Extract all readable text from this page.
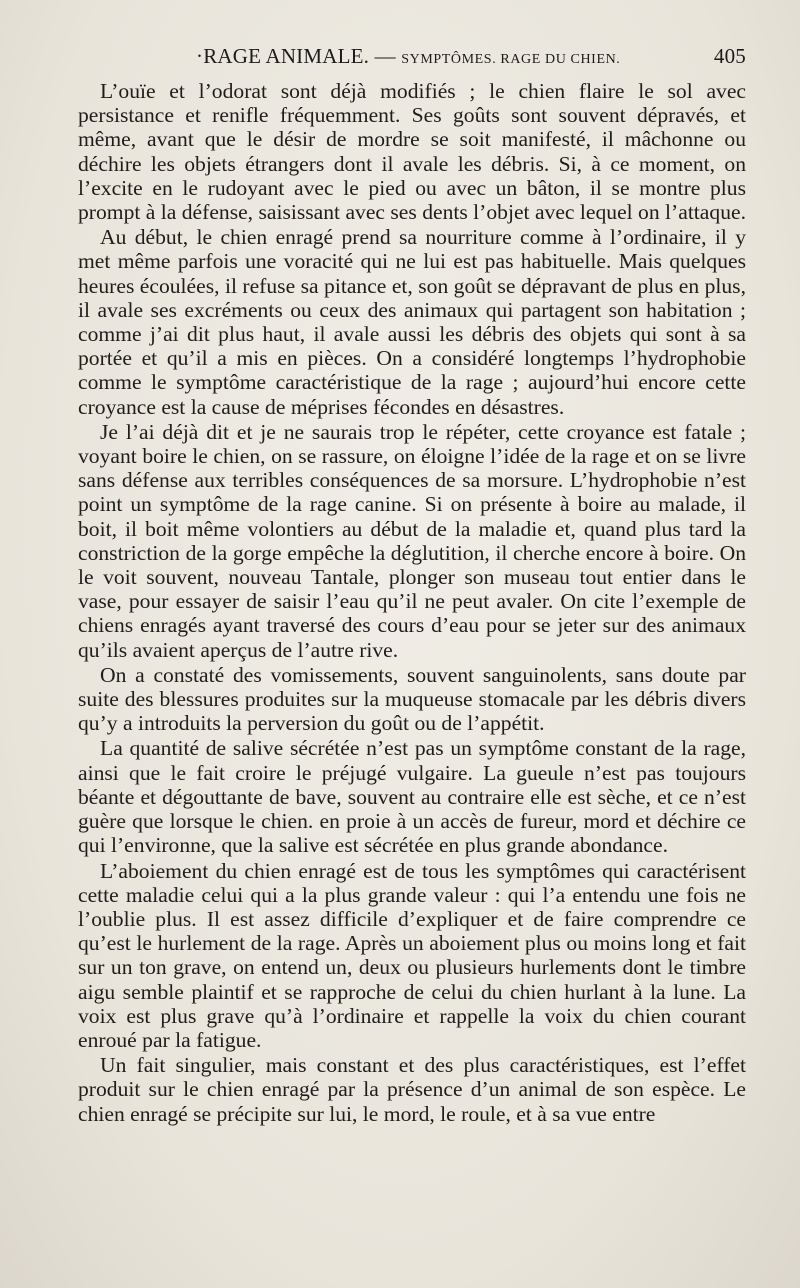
·RAGE ANIMALE. — SYMPTÔMES. RAGE DU CHIEN.	405

L’ouïe et l’odorat sont déjà modifiés ; le chien flaire le sol avec persistance et renifle fréquemment. Ses goûts sont souvent dépravés, et même, avant que le désir de mordre se soit manifesté, il mâchonne ou déchire les objets étrangers dont il avale les débris. Si, à ce moment, on l’excite en le rudoyant avec le pied ou avec un bâton, il se montre plus prompt à la défense, saisissant avec ses dents l’objet avec lequel on l’attaque.

Au début, le chien enragé prend sa nourriture comme à l’ordinaire, il y met même parfois une voracité qui ne lui est pas habituelle. Mais quelques heures écoulées, il refuse sa pitance et, son goût se dépravant de plus en plus, il avale ses excréments ou ceux des animaux qui partagent son habitation ; comme j’ai dit plus haut, il avale aussi les débris des objets qui sont à sa portée et qu’il a mis en pièces. On a considéré longtemps l’hydrophobie comme le symptôme caractéristique de la rage ; aujourd’hui encore cette croyance est la cause de méprises fécondes en désastres.

Je l’ai déjà dit et je ne saurais trop le répéter, cette croyance est fatale ; voyant boire le chien, on se rassure, on éloigne l’idée de la rage et on se livre sans défense aux terribles conséquences de sa morsure. L’hydrophobie n’est point un symptôme de la rage canine. Si on présente à boire au malade, il boit, il boit même volontiers au début de la maladie et, quand plus tard la constriction de la gorge empêche la déglutition, il cherche encore à boire. On le voit souvent, nouveau Tantale, plonger son museau tout entier dans le vase, pour essayer de saisir l’eau qu’il ne peut avaler. On cite l’exemple de chiens enragés ayant traversé des cours d’eau pour se jeter sur des animaux qu’ils avaient aperçus de l’autre rive.

On a constaté des vomissements, souvent sanguinolents, sans doute par suite des blessures produites sur la muqueuse stomacale par les débris divers qu’y a introduits la perversion du goût ou de l’appétit.

La quantité de salive sécrétée n’est pas un symptôme constant de la rage, ainsi que le fait croire le préjugé vulgaire. La gueule n’est pas toujours béante et dégouttante de bave, souvent au contraire elle est sèche, et ce n’est guère que lorsque le chien. en proie à un accès de fureur, mord et déchire ce qui l’environne, que la salive est sécrétée en plus grande abondance.

L’aboiement du chien enragé est de tous les symptômes qui caractérisent cette maladie celui qui a la plus grande valeur : qui l’a entendu une fois ne l’oublie plus. Il est assez difficile d’expliquer et de faire comprendre ce qu’est le hurlement de la rage. Après un aboiement plus ou moins long et fait sur un ton grave, on entend un, deux ou plusieurs hurlements dont le timbre aigu semble plaintif et se rapproche de celui du chien hurlant à la lune. La voix est plus grave qu’à l’ordinaire et rappelle la voix du chien courant enroué par la fatigue.

Un fait singulier, mais constant et des plus caractéristiques, est l’effet produit sur le chien enragé par la présence d’un animal de son espèce. Le chien enragé se précipite sur lui, le mord, le roule, et à sa vue entre
